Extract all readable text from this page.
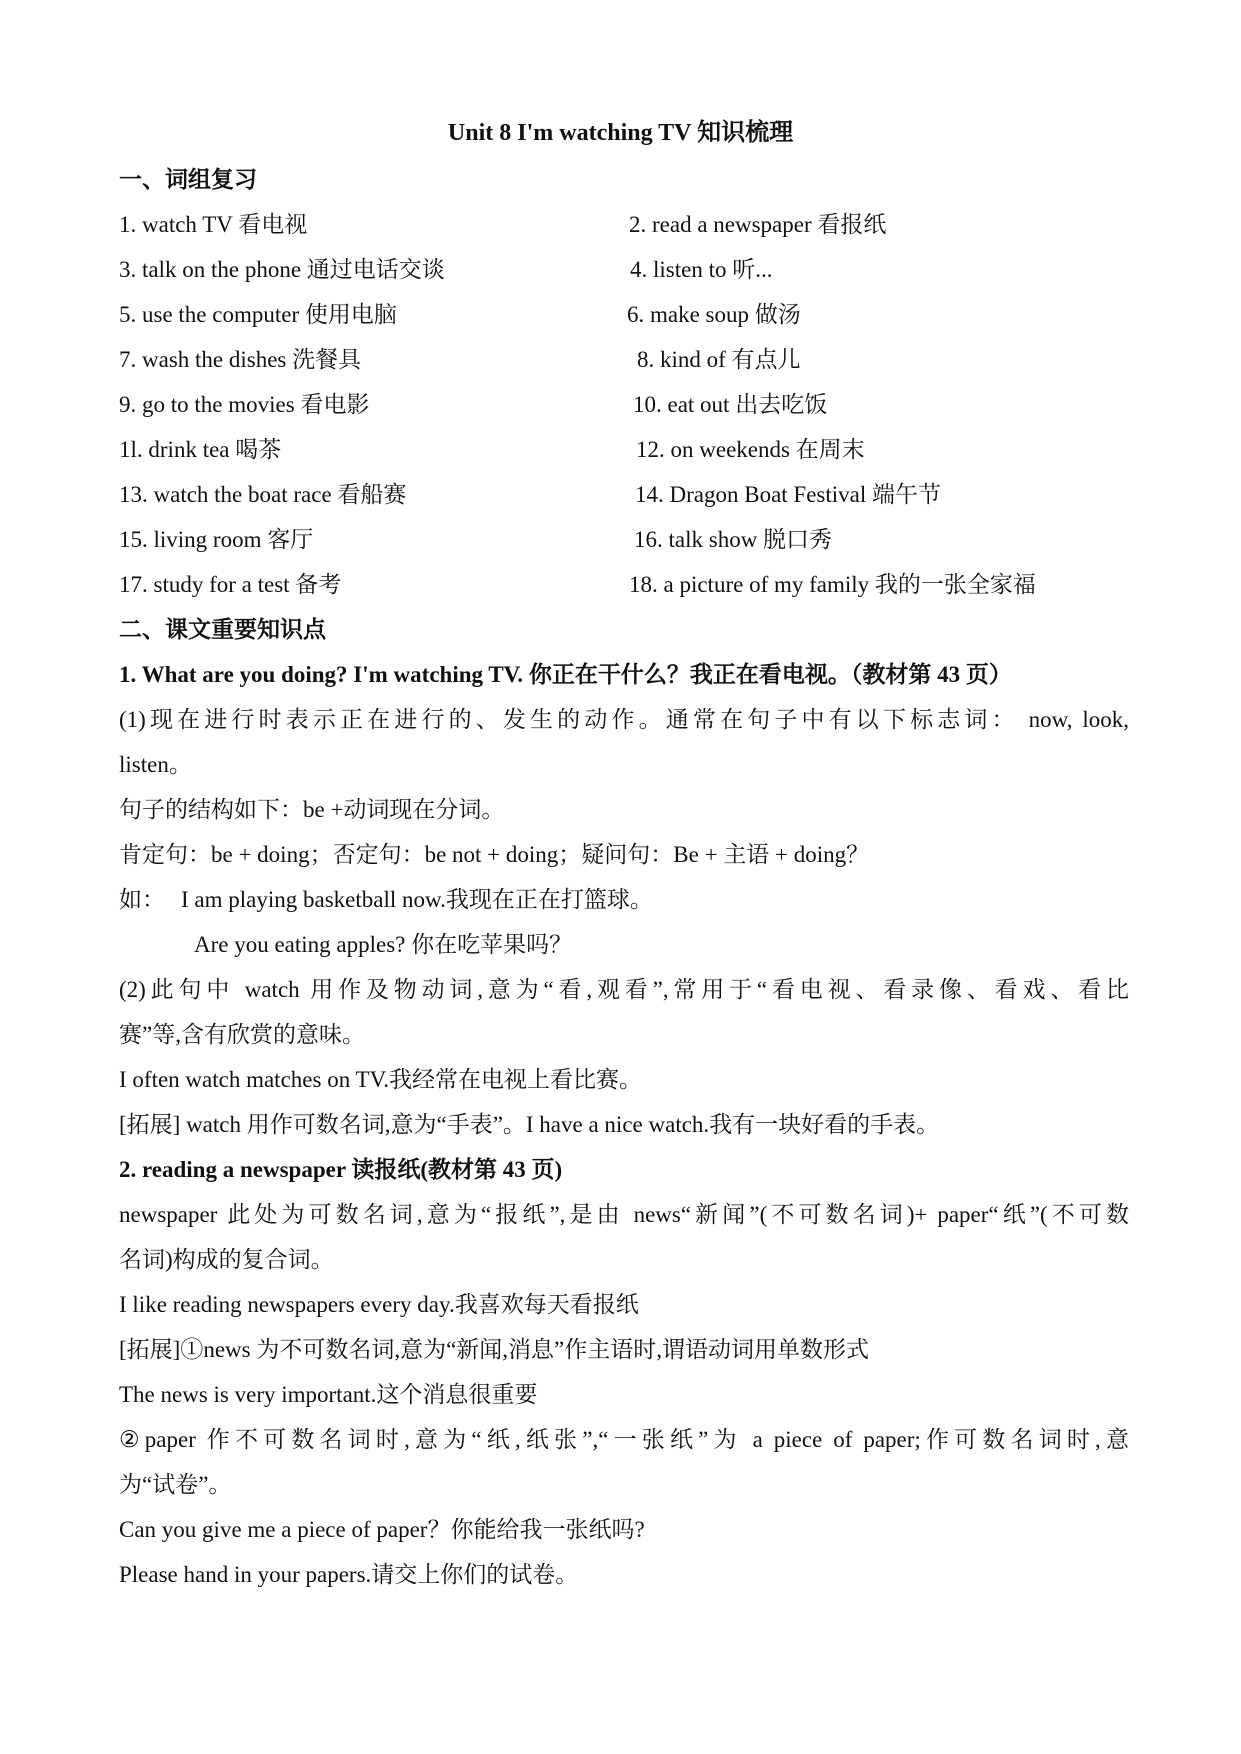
Unit 8 I'm watching TV 知识梳理
一、词组复习
1. watch TV 看电视	2. read a newspaper 看报纸
3. talk on the phone 通过电话交谈	4. listen to 听...
5. use the computer 使用电脑	6. make soup 做汤
7. wash the dishes 洗餐具	8. kind of 有点儿
9. go to the movies 看电影	10. eat out 出去吃饭
1l. drink tea 喝茶	12. on weekends 在周末
13. watch the boat race 看船赛	14. Dragon Boat Festival 端午节
15. living room 客厅	16. talk show 脱口秀
17. study for a test 备考	18. a picture of my family 我的一张全家福
二、课文重要知识点
1. What are you doing? I'm watching TV. 你正在干什么？我正在看电视。（教材第 43 页）
(1)现在进行时表示正在进行的、发生的动作。通常在句子中有以下标志词： now, look,
listen。
句子的结构如下：be +动词现在分词。
肯定句：be + doing；否定句：be not + doing；疑问句：Be + 主语 + doing？
如： I am playing basketball now.我现在正在打篮球。
Are you eating apples? 你在吃苹果吗？
(2)此句中 watch 用作及物动词,意为“看,观看”,常用于“看电视、看录像、看戏、看比
赛”等,含有欣赏的意味。
I often watch matches on TV.我经常在电视上看比赛。
[拓展] watch 用作可数名词,意为“手表”。I have a nice watch.我有一块好看的手表。
2. reading a newspaper 读报纸(教材第 43 页)
newspaper 此处为可数名词,意为“报纸”,是由 news“新闻”(不可数名词)+ paper“纸”(不可数
名词)构成的复合词。
I like reading newspapers every day.我喜欢每天看报纸
[拓展]①news 为不可数名词,意为“新闻,消息”作主语时,谓语动词用单数形式
The news is very important.这个消息很重要
②paper 作不可数名词时,意为“纸,纸张”,“一张纸”为 a piece of paper;作可数名词时,意
为“试卷”。
Can you give me a piece of paper？你能给我一张纸吗?
Please hand in your papers.请交上你们的试卷。
